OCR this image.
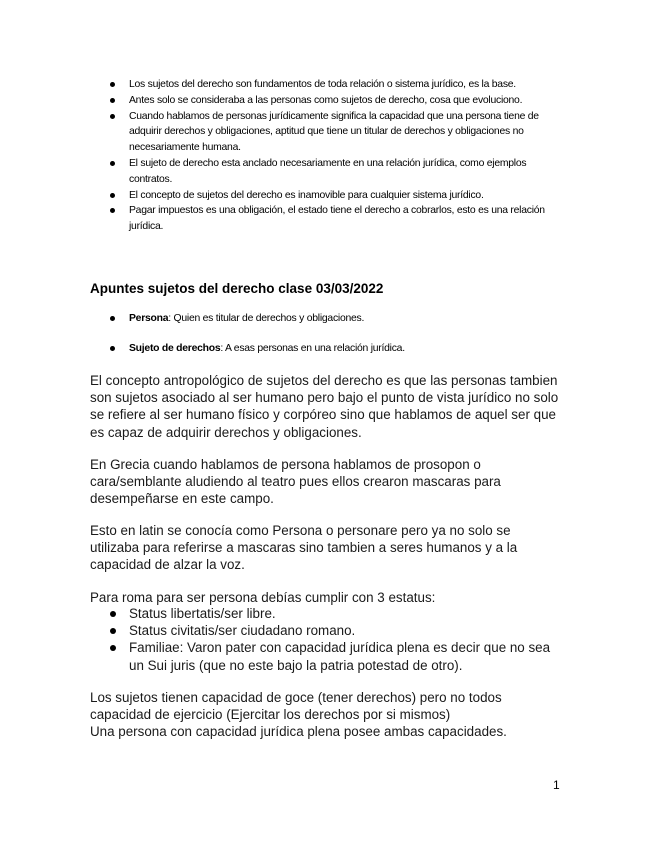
Los sujetos del derecho son fundamentos de toda relación o sistema jurídico, es la base.
Antes solo se consideraba a las personas como sujetos de derecho, cosa que evoluciono.
Cuando hablamos de personas jurídicamente significa la capacidad que una persona tiene de adquirir derechos y obligaciones, aptitud que tiene un titular de derechos y obligaciones no necesariamente humana.
El sujeto de derecho esta anclado necesariamente en una relación jurídica, como ejemplos contratos.
El concepto de sujetos del derecho es inamovible para cualquier sistema jurídico.
Pagar impuestos es una obligación, el estado tiene el derecho a cobrarlos, esto es una relación jurídica.
Apuntes sujetos del derecho clase 03/03/2022
Persona: Quien es titular de derechos y obligaciones.
Sujeto de derechos: A esas personas en una relación jurídica.

El concepto antropológico de sujetos del derecho es que las personas tambien son sujetos asociado al ser humano pero bajo el punto de vista jurídico no solo se refiere al ser humano físico y corpóreo sino que hablamos de aquel ser que es capaz de adquirir derechos y obligaciones.

En Grecia cuando hablamos de persona hablamos de prosopon o cara/semblante aludiendo al teatro pues ellos crearon mascaras para desempeñarse en este campo.

Esto en latin se conocía como Persona o personare pero ya no solo se utilizaba para referirse a mascaras sino tambien a seres humanos y a la capacidad de alzar la voz.

Para roma para ser persona debías cumplir con 3 estatus:

Status libertatis/ser libre.
Status civitatis/ser ciudadano romano.
Familiae: Varon pater con capacidad jurídica plena es decir que no sea un Sui juris (que no este bajo la patria potestad de otro).

Los sujetos tienen capacidad de goce (tener derechos) pero no todos capacidad de ejercicio (Ejercitar los derechos por si mismos)
Una persona con capacidad jurídica plena posee ambas capacidades.

1
